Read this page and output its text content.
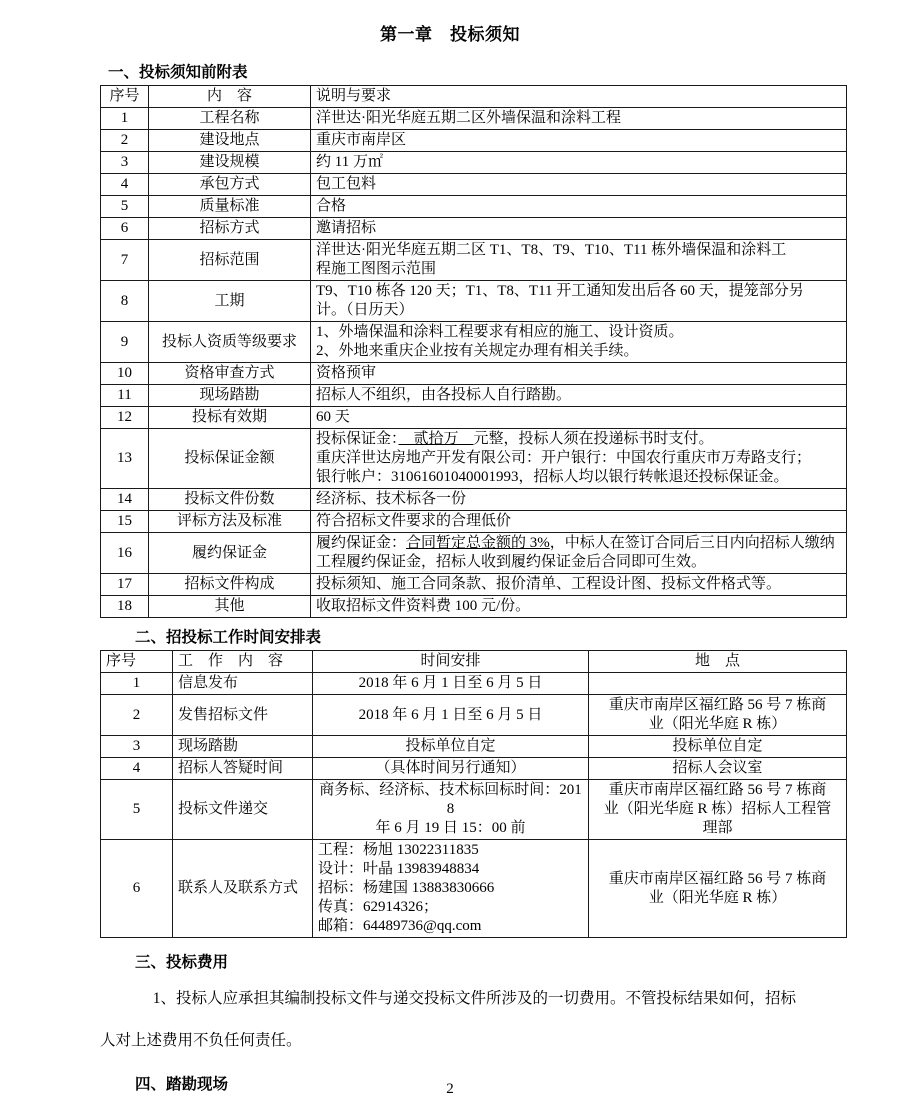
第一章　投标须知
一、投标须知前附表
序号	内　容	说明与要求
1	工程名称	洋世达·阳光华庭五期二区外墙保温和涂料工程
2	建设地点	重庆市南岸区
3	建设规模	约 11 万㎡
4	承包方式	包工包料
5	质量标准	合格
6	招标方式	邀请招标
7	招标范围	洋世达·阳光华庭五期二区 T1、T8、T9、T10、T11 栋外墙保温和涂料工
程施工图图示范围
8	工期	T9、T10 栋各 120 天；T1、T8、T11 开工通知发出后各 60 天，提笼部分另
计。（日历天）
9	投标人资质等级要求	1、外墙保温和涂料工程要求有相应的施工、设计资质。
2、外地来重庆企业按有关规定办理有相关手续。
10	资格审查方式	资格预审
11	现场踏勘	招标人不组织，由各投标人自行踏勘。
12	投标有效期	60 天
13	投标保证金额	投标保证金：　贰拾万　元整，投标人须在投递标书时支付。
重庆洋世达房地产开发有限公司：开户银行：中国农行重庆市万寿路支行；
银行帐户：31061601040001993，招标人均以银行转帐退还投标保证金。
14	投标文件份数	经济标、技术标各一份
15	评标方法及标准	符合招标文件要求的合理低价
16	履约保证金	履约保证金：合同暂定总金额的 3%，中标人在签订合同后三日内向招标人缴纳工程履约保证金，招标人收到履约保证金后合同即可生效。
17	招标文件构成	投标须知、施工合同条款、报价清单、工程设计图、投标文件格式等。
18	其他	收取招标文件资料费 100 元/份。
二、招投标工作时间安排表
序号	工　作　内　容	时间安排	地　点
1	信息发布	2018 年 6 月 1 日至 6 月 5 日	
2	发售招标文件	2018 年 6 月 1 日至 6 月 5 日	重庆市南岸区福红路 56 号 7 栋商
业（阳光华庭 R 栋）
3	现场踏勘	投标单位自定	投标单位自定
4	招标人答疑时间	（具体时间另行通知）	招标人会议室
5	投标文件递交	商务标、经济标、技术标回标时间：2018
年 6 月 19 日 15：00 前	重庆市南岸区福红路 56 号 7 栋商
业（阳光华庭 R 栋）招标人工程管
理部
6	联系人及联系方式	工程：杨旭 13022311835
设计：叶晶 13983948834
招标：杨建国 13883830666
传真：62914326；
邮箱：64489736@qq.com	重庆市南岸区福红路 56 号 7 栋商
业（阳光华庭 R 栋）
三、投标费用
1、投标人应承担其编制投标文件与递交投标文件所涉及的一切费用。不管投标结果如何，招标
人对上述费用不负任何责任。
四、踏勘现场	2
